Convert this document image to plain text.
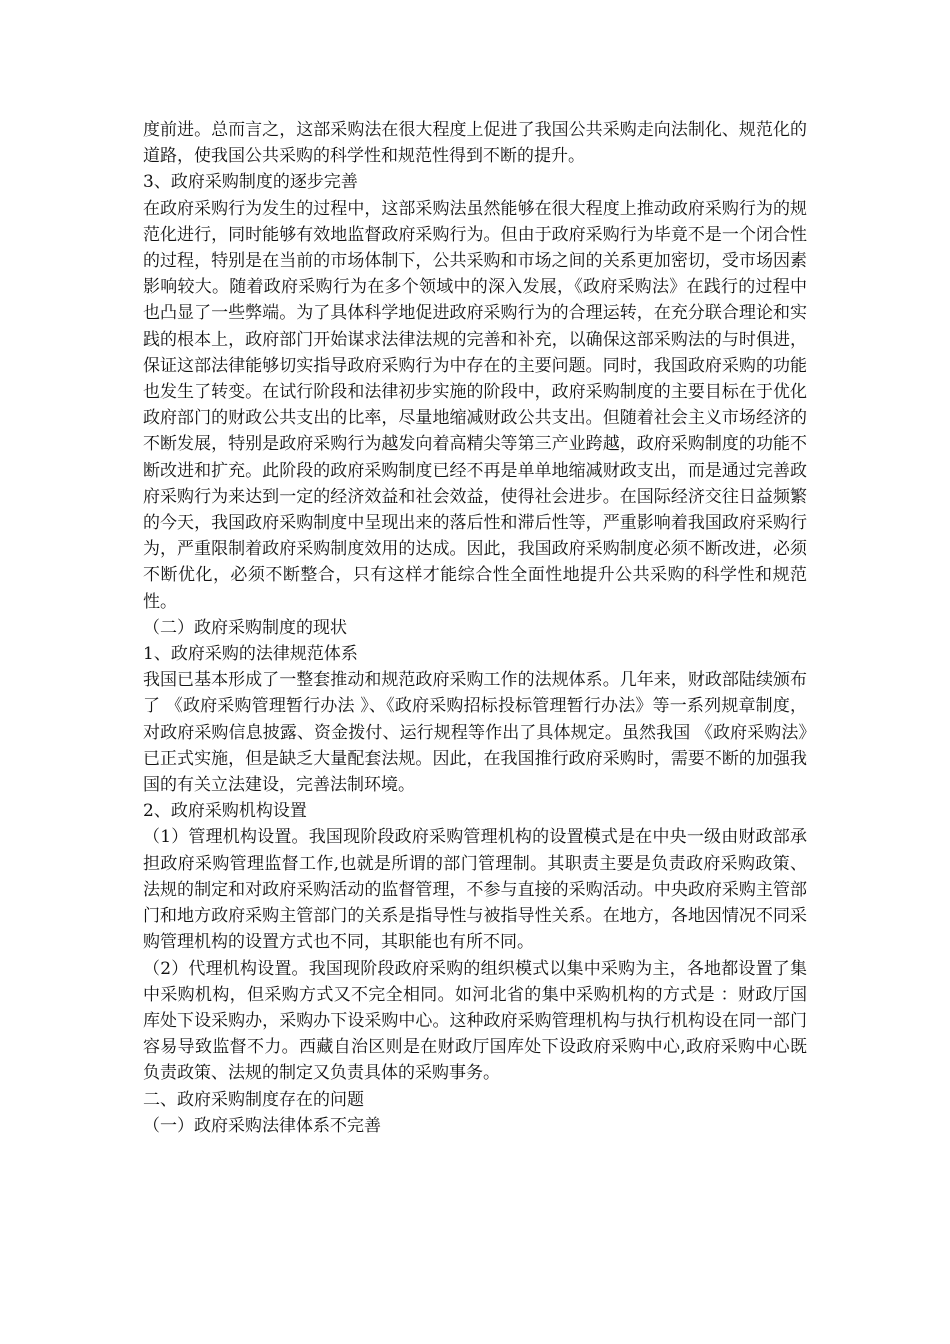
度前进。总而言之，这部采购法在很大程度上促进了我国公共采购走向法制化、规范化的道路，使我国公共采购的科学性和规范性得到不断的提升。

3、政府采购制度的逐步完善

在政府采购行为发生的过程中，这部采购法虽然能够在很大程度上推动政府采购行为的规范化进行，同时能够有效地监督政府采购行为。但由于政府采购行为毕竟不是一个闭合性的过程，特别是在当前的市场体制下，公共采购和市场之间的关系更加密切，受市场因素影响较大。随着政府采购行为在多个领域中的深入发展，《政府采购法》在践行的过程中也凸显了一些弊端。为了具体科学地促进政府采购行为的合理运转，在充分联合理论和实践的根本上，政府部门开始谋求法律法规的完善和补充，以确保这部采购法的与时俱进，保证这部法律能够切实指导政府采购行为中存在的主要问题。同时，我国政府采购的功能也发生了转变。在试行阶段和法律初步实施的阶段中，政府采购制度的主要目标在于优化政府部门的财政公共支出的比率，尽量地缩减财政公共支出。但随着社会主义市场经济的不断发展，特别是政府采购行为越发向着高精尖等第三产业跨越，政府采购制度的功能不断改进和扩充。此阶段的政府采购制度已经不再是单单地缩减财政支出，而是通过完善政府采购行为来达到一定的经济效益和社会效益，使得社会进步。在国际经济交往日益频繁的今天，我国政府采购制度中呈现出来的落后性和滞后性等，严重影响着我国政府采购行为，严重限制着政府采购制度效用的达成。因此，我国政府采购制度必须不断改进，必须不断优化，必须不断整合，只有这样才能综合性全面性地提升公共采购的科学性和规范性。

（二）政府采购制度的现状

1、政府采购的法律规范体系

我国已基本形成了一整套推动和规范政府采购工作的法规体系。几年来，财政部陆续颁布了 《政府采购管理暂行办法 》、《政府采购招标投标管理暂行办法》等一系列规章制度，对政府采购信息披露、资金拨付、运行规程等作出了具体规定。虽然我国 《政府采购法》已正式实施，但是缺乏大量配套法规。因此，在我国推行政府采购时，需要不断的加强我国的有关立法建设，完善法制环境。

2、政府采购机构设置

（1）管理机构设置。我国现阶段政府采购管理机构的设置模式是在中央一级由财政部承担政府采购管理监督工作,也就是所谓的部门管理制。其职责主要是负责政府采购政策、法规的制定和对政府采购活动的监督管理，不参与直接的采购活动。中央政府采购主管部门和地方政府采购主管部门的关系是指导性与被指导性关系。在地方，各地因情况不同采购管理机构的设置方式也不同，其职能也有所不同。

（2）代理机构设置。我国现阶段政府采购的组织模式以集中采购为主，各地都设置了集中采购机构，但采购方式又不完全相同。如河北省的集中采购机构的方式是 ：财政厅国库处下设采购办，采购办下设采购中心。这种政府采购管理机构与执行机构设在同一部门容易导致监督不力。西藏自治区则是在财政厅国库处下设政府采购中心,政府采购中心既负责政策、法规的制定又负责具体的采购事务。

二、政府采购制度存在的问题

（一）政府采购法律体系不完善
